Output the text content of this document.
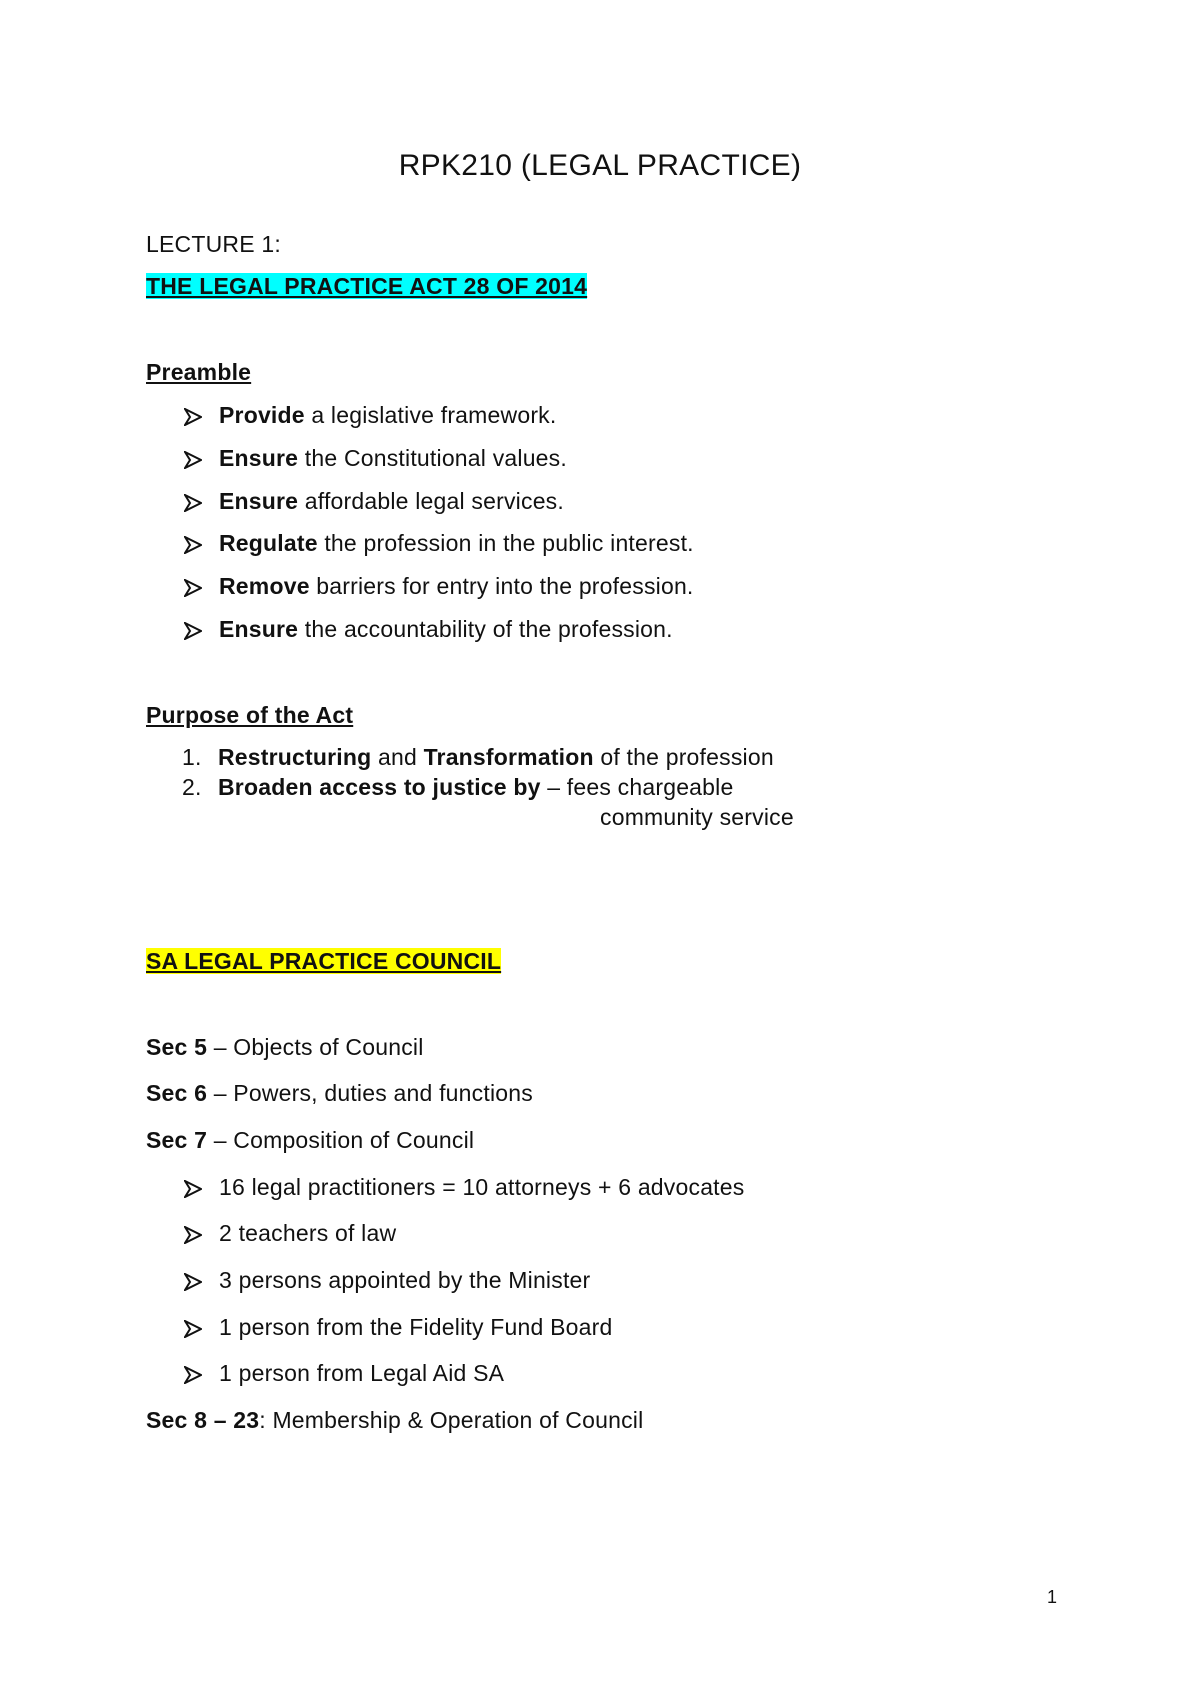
RPK210 (LEGAL PRACTICE)
LECTURE 1:
THE LEGAL PRACTICE ACT 28 OF 2014
Preamble
Provide a legislative framework.
Ensure the Constitutional values.
Ensure affordable legal services.
Regulate the profession in the public interest.
Remove barriers for entry into the profession.
Ensure the accountability of the profession.
Purpose of the Act
1. Restructuring and Transformation of the profession
2. Broaden access to justice by – fees chargeable
community service
SA LEGAL PRACTICE COUNCIL
Sec 5 – Objects of Council
Sec 6 – Powers, duties and functions
Sec 7 – Composition of Council
16 legal practitioners = 10 attorneys + 6 advocates
2 teachers of law
3 persons appointed by the Minister
1 person from the Fidelity Fund Board
1 person from Legal Aid SA
Sec 8 – 23: Membership & Operation of Council
1
